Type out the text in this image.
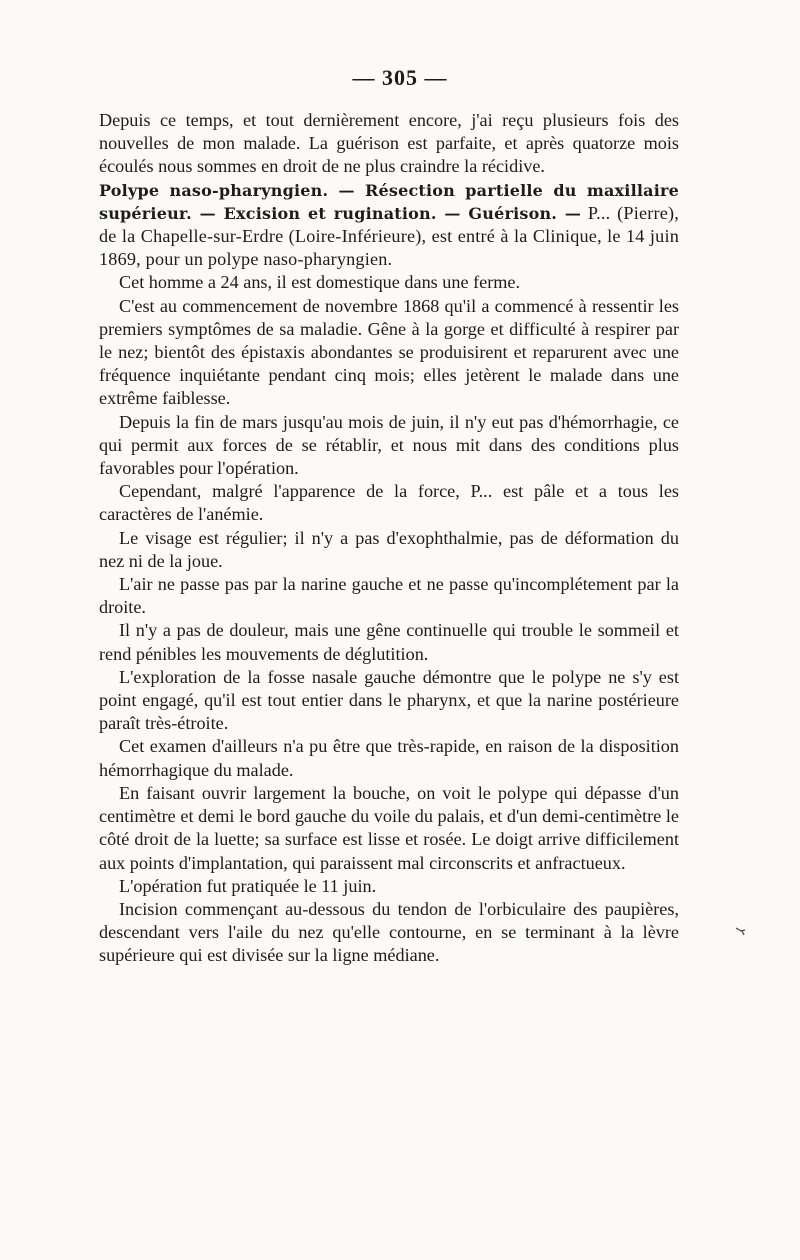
— 305 —

Depuis ce temps, et tout dernièrement encore, j'ai reçu plusieurs fois des nouvelles de mon malade. La guérison est parfaite, et après quatorze mois écoulés nous sommes en droit de ne plus craindre la récidive.

Polype naso-pharyngien. — Résection partielle du maxillaire supérieur. — Excision et rugination. — Guérison. — P... (Pierre), de la Chapelle-sur-Erdre (Loire-Inférieure), est entré à la Clinique, le 14 juin 1869, pour un polype naso-pharyngien.

Cet homme a 24 ans, il est domestique dans une ferme.

C'est au commencement de novembre 1868 qu'il a commencé à ressentir les premiers symptômes de sa maladie. Gêne à la gorge et difficulté à respirer par le nez; bientôt des épistaxis abondantes se produisirent et reparurent avec une fréquence inquiétante pendant cinq mois; elles jetèrent le malade dans une extrême faiblesse.

Depuis la fin de mars jusqu'au mois de juin, il n'y eut pas d'hémorrhagie, ce qui permit aux forces de se rétablir, et nous mit dans des conditions plus favorables pour l'opération.

Cependant, malgré l'apparence de la force, P... est pâle et a tous les caractères de l'anémie.

Le visage est régulier; il n'y a pas d'exophthalmie, pas de déformation du nez ni de la joue.

L'air ne passe pas par la narine gauche et ne passe qu'incomplétement par la droite.

Il n'y a pas de douleur, mais une gêne continuelle qui trouble le sommeil et rend pénibles les mouvements de déglutition.

L'exploration de la fosse nasale gauche démontre que le polype ne s'y est point engagé, qu'il est tout entier dans le pharynx, et que la narine postérieure paraît très-étroite.

Cet examen d'ailleurs n'a pu être que très-rapide, en raison de la disposition hémorrhagique du malade.

En faisant ouvrir largement la bouche, on voit le polype qui dépasse d'un centimètre et demi le bord gauche du voile du palais, et d'un demi-centimètre le côté droit de la luette; sa surface est lisse et rosée. Le doigt arrive difficilement aux points d'implantation, qui paraissent mal circonscrits et anfractueux.

L'opération fut pratiquée le 11 juin.

Incision commençant au-dessous du tendon de l'orbiculaire des paupières, descendant vers l'aile du nez qu'elle contourne, en se terminant à la lèvre supérieure qui est divisée sur la ligne médiane.
